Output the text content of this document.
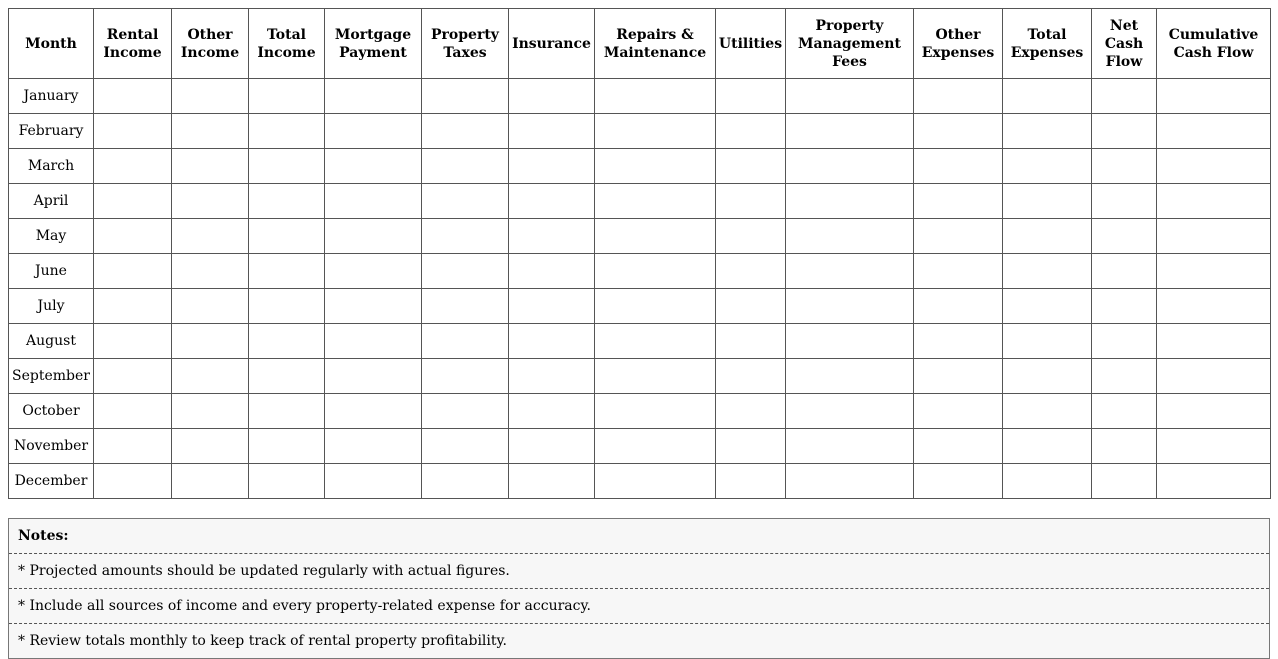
Month	Rental Income	Other Income	Total Income	Mortgage Payment	Property Taxes	Insurance	Repairs & Maintenance	Utilities	Property Management Fees	Other Expenses	Total Expenses	Net Cash Flow	Cumulative Cash Flow
January													
February													
March													
April													
May													
June													
July													
August													
September													
October													
November													
December													
Notes:
* Projected amounts should be updated regularly with actual figures.
* Include all sources of income and every property-related expense for accuracy.
* Review totals monthly to keep track of rental property profitability.
